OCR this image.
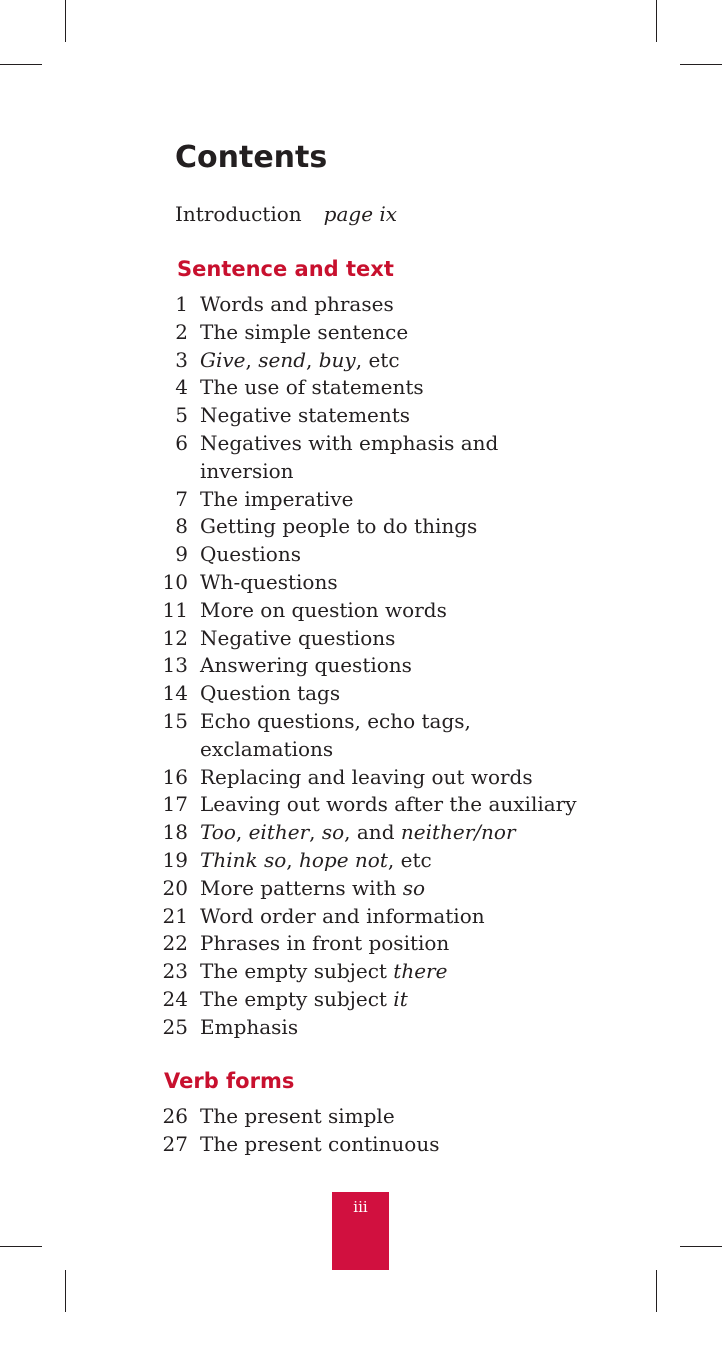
Contents
Introduction page ix
Sentence and text
1 Words and phrases
2 The simple sentence
3 Give, send, buy, etc
4 The use of statements
5 Negative statements
6 Negatives with emphasis and
inversion
7 The imperative
8 Getting people to do things
9 Questions
10 Wh-questions
11 More on question words
12 Negative questions
13 Answering questions
14 Question tags
15 Echo questions, echo tags,
exclamations
16 Replacing and leaving out words
17 Leaving out words after the auxiliary
18 Too, either, so, and neither/nor
19 Think so, hope not, etc
20 More patterns with so
21 Word order and information
22 Phrases in front position
23 The empty subject there
24 The empty subject it
25 Emphasis
Verb forms
26 The present simple
27 The present continuous
iii
